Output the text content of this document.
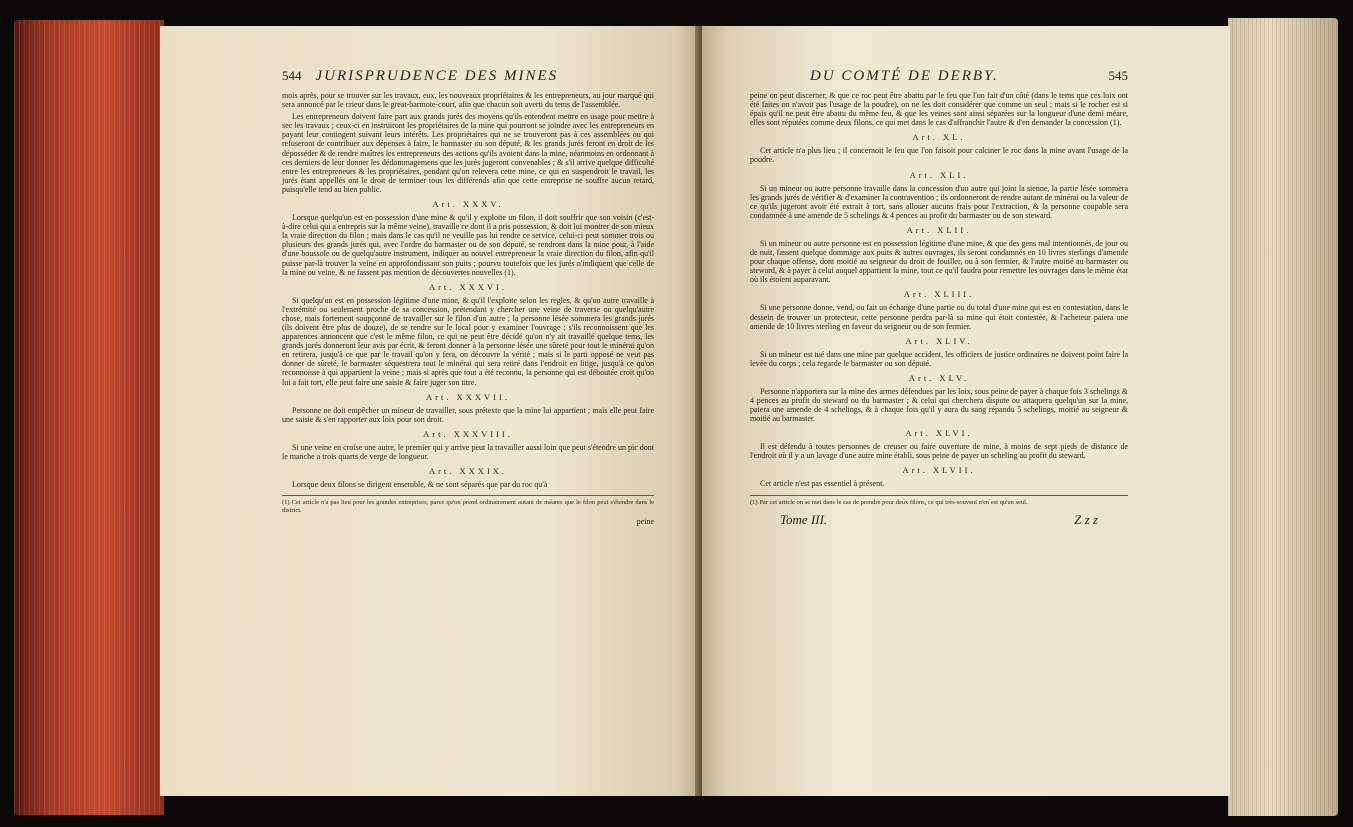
544 JURISPRUDENCE DES MINES

mois après, pour se trouver sur les travaux, eux, les nouveaux propriétaires & les entrepreneurs, au jour marqué qui sera annoncé par le crieur dans le great-barmote-court, afin que chacun soit averti du tems de l'assemblée.

Les entrepreneurs doivent faire part aux grands jurés des moyens qu'ils entendent mettre en usage pour mettre à sec les travaux ; ceux-ci en instruiront les propriétaires de la mine qui pourront se joindre avec les entrepreneurs en payant leur contingent suivant leurs intérêts. Les propriétaires qui ne se trouveront pas à ces assemblées ou qui refuseront de contribuer aux dépenses à faire, le barmaster ou son député, & les grands jurés feront en droit de les déposséder & de rendre maîtres les entrepreneurs des actions qu'ils avoient dans la mine, néanmoins en ordonnant à ces derniers de leur donner les dédommagemens que les jurés jugeront convenables ; & s'il arrive quelque difficulté entre les entrepreneurs & les propriétaires, pendant qu'on relevera cette mine, ce qui en suspendroit le travail, les jurés étant appellés ont le droit de terminer tous les différends afin que cette entreprise ne souffre aucun retard, puisqu'elle tend au bien public.

Art. XXXV.

Lorsque quelqu'un est en possession d'une mine & qu'il y exploite un filon, il doit souffrir que son voisin (c'est-à-dire celui qui a entrepris sur la même veine), travaille ce dont il a pris possession, & doit lui montrer de son mieux la vraie direction du filon ; mais dans le cas qu'il ne veuille pas lui rendre ce service, celui-ci peut sommer trois ou plusieurs des grands jurés qui, avec l'ordre du barmaster ou de son député, se rendront dans la mine pour, à l'aide d'une boussole ou de quelqu'autre instrument, indiquer au nouvel entrepreneur la vraie direction du filon, afin qu'il puisse par-là trouver la veine en approfondissant son puits ; pourvu toutefois que les jurés n'indiquent que celle de la mine ou veine, & ne fassent pas mention de découvertes nouvelles (1).

Art. XXXVI.

Si quelqu'un est en possession légitime d'une mine, & qu'il l'exploite selon les regles, & qu'un autre travaille à l'extrémité ou seulement proche de sa concession, prétendant y chercher une veine de traverse ou quelqu'autre chose, mais fortement soupçonné de travailler sur le filon d'un autre ; la personne lésée sommera les grands jurés (ils doivent être plus de douze), de se rendre sur le local pour y examiner l'ouvrage ; s'ils reconnoissent que les apparences annoncent que c'est le même filon, ce qui ne peut être décidé qu'on n'y ait travaillé quelque tems, les grands jurés donneront leur avis par écrit, & feront donner à la personne lésée une sûreté pour tout le minérai qu'on en retirera, jusqu'à ce que par le travail qu'on y fera, on découvre la vérité ; mais si le parti opposé ne veut pas donner de sûreté, le barmaster séquestrera tout le minérai qui sera retiré dans l'endroit en litige, jusqu'à ce qu'on reconnoisse à qui appartient la veine ; mais si après que tout a été reconnu, la personne qui est déboutée croit qu'on lui a fait tort, elle peut faire une saisie & faire juger son titre.

Art. XXXVII.

Personne ne doit empêcher un mineur de travailler, sous prétexte que la mine lui appartient ; mais elle peut faire une saisie & s'en rapporter aux loix pour son droit.

Art. XXXVIII.

Si une veine en croise une autre, le premier qui y arrive peut la travailler aussi loin que peut s'étendre un pic dont le manche a trois quarts de verge de longueur.

Art. XXXIX.

Lorsque deux filons se dirigent ensemble, & ne sont séparés que par du roc qu'à

(1) Cet article n'a pas lieu pour les grandes entreprises, parce qu'on prend ordinairement autant de méares que le filon peut s'étendre dans le district.

peine
DU COMTÉ DE DERBY.	545

peine on peut discerner, & que ce roc peut être abattu par le feu que l'on fait d'un côté (dans le tems que ces loix ont été faites on n'avoit pas l'usage de la poudre), on ne les doit considérer que comme un seul ; mais si le rocher est si épais qu'il ne peut être abattu du même feu, & que les veines sont ainsi séparées sur la longueur d'une demi méare, elles sont réputées comme deux filons, ce qui met dans le cas d'affranchir l'autre & d'en demander la concession (1).

Art. XL.

Cet article n'a plus lieu ; il concernoit le feu que l'on faisoit pour calciner le roc dans la mine avant l'usage de la poudre.

Art. XLI.

Si un mineur ou autre personne travaille dans la concession d'un autre qui joint la sienne, la partie lésée sommera les grands jurés de vérifier & d'examiner la contravention ; ils ordonneront de rendre autant de minérai ou la valeur de ce qu'ils jugeront avoir été extrait à tort, sans allouer aucuns frais pour l'extraction, & la personne coupable sera condamnée à une amende de 5 schelings & 4 pences au profit du barmaster ou de son steward.

Art. XLII.

Si un mineur ou autre personne est en possession légitime d'une mine, & que des gens mal intentionnés, de jour ou de nuit, fassent quelque dommage aux puits & autres ouvrages, ils seront condamnés en 10 livres sterlings d'amende pour chaque offense, dont moitié au seigneur du droit de fouiller, ou à son fermier, & l'autre moitié au barmaster ou steward, & à payer à celui auquel appartient la mine, tout ce qu'il faudra pour remettre les ouvrages dans le même état où ils étoient auparavant.

Art. XLIII.

Si une personne donne, vend, ou fait un échange d'une partie ou du total d'une mine qui est en contestation, dans le dessein de trouver un protecteur, cette personne perdra par-là sa mine qui étoit contestée, & l'acheteur paiera une amende de 10 livres sterling en faveur du seigneur ou de son fermier.

Art. XLIV.

Si un mineur est tué dans une mine par quelque accident, les officiers de justice ordinaires ne doivent point faire la levée du corps ; cela regarde le barmaster ou son député.

Art. XLV.

Personne n'apportera sur la mine des armes défendues par les loix, sous peine de payer à chaque fois 3 schelings & 4 pences au profit du steward ou du barmaster ; & celui qui cherchera dispute ou attaquera quelqu'un sur la mine, paiera une amende de 4 schelings, & à chaque fois qu'il y aura du sang répandu 5 schelings, moitié au seigneur & moitié au barmaster.

Art. XLVI.

Il est défendu à toutes personnes de creuser ou faire ouverture de mine, à moins de sept pieds de distance de l'endroit où il y a un lavage d'une autre mine établi, sous peine de payer un scheling au profit du steward.

Art. XLVII.

Cet article n'est pas essentiel à présent.

(1) Par cet article on se met dans le cas de prendre pour deux filons, ce qui très-souvent n'en est qu'un seul.

Tome III.	Z z z
